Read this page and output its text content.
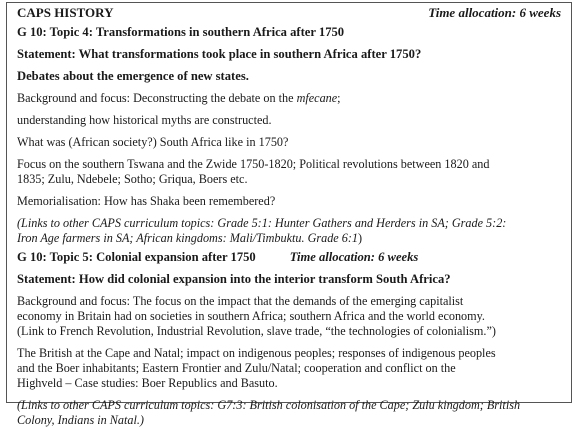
CAPS HISTORY	Time allocation: 6 weeks
G 10: Topic 4: Transformations in southern Africa after 1750
Statement: What transformations took place in southern Africa after 1750?
Debates about the emergence of new states.
Background and focus: Deconstructing the debate on the mfecane;
understanding how historical myths are constructed.
What was (African society?) South Africa like in 1750?
Focus on the southern Tswana and the Zwide 1750-1820; Political revolutions between 1820 and
1835; Zulu, Ndebele; Sotho; Griqua, Boers etc.
Memorialisation: How has Shaka been remembered?
(Links to other CAPS curriculum topics: Grade 5:1: Hunter Gathers and Herders in SA; Grade 5:2:
Iron Age farmers in SA; African kingdoms: Mali/Timbuktu. Grade 6:1)
G 10: Topic 5: Colonial expansion after 1750	Time allocation: 6 weeks
Statement: How did colonial expansion into the interior transform South Africa?
Background and focus: The focus on the impact that the demands of the emerging capitalist
economy in Britain had on societies in southern Africa; southern Africa and the world economy.
(Link to French Revolution, Industrial Revolution, slave trade, “the technologies of colonialism.”)
The British at the Cape and Natal; impact on indigenous peoples; responses of indigenous peoples
and the Boer inhabitants; Eastern Frontier and Zulu/Natal; cooperation and conflict on the
Highveld – Case studies: Boer Republics and Basuto.
(Links to other CAPS curriculum topics: G7:3: British colonisation of the Cape; Zulu kingdom; British
Colony, Indians in Natal.)
